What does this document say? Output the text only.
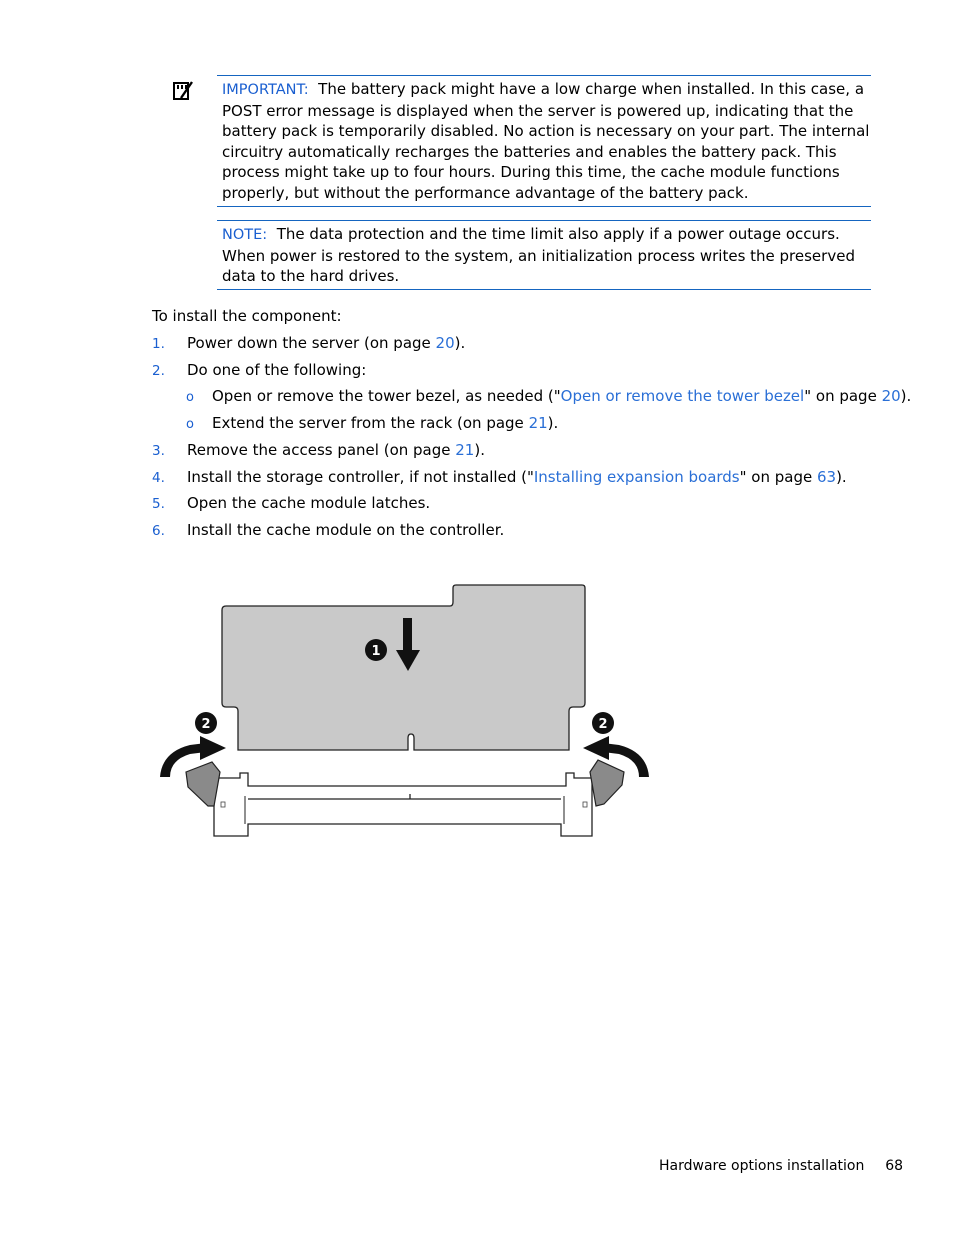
IMPORTANT: The battery pack might have a low charge when installed. In this case, a POST error message is displayed when the server is powered up, indicating that the battery pack is temporarily disabled. No action is necessary on your part. The internal circuitry automatically recharges the batteries and enables the battery pack. This process might take up to four hours. During this time, the cache module functions properly, but without the performance advantage of the battery pack.
NOTE: The data protection and the time limit also apply if a power outage occurs. When power is restored to the system, an initialization process writes the preserved data to the hard drives.
To install the component:
1. Power down the server (on page 20).
2. Do one of the following:
o Open or remove the tower bezel, as needed ("Open or remove the tower bezel" on page 20).
o Extend the server from the rack (on page 21).
3. Remove the access panel (on page 21).
4. Install the storage controller, if not installed ("Installing expansion boards" on page 63).
5. Open the cache module latches.
6. Install the cache module on the controller.
1
2	2
Hardware options installation 68
